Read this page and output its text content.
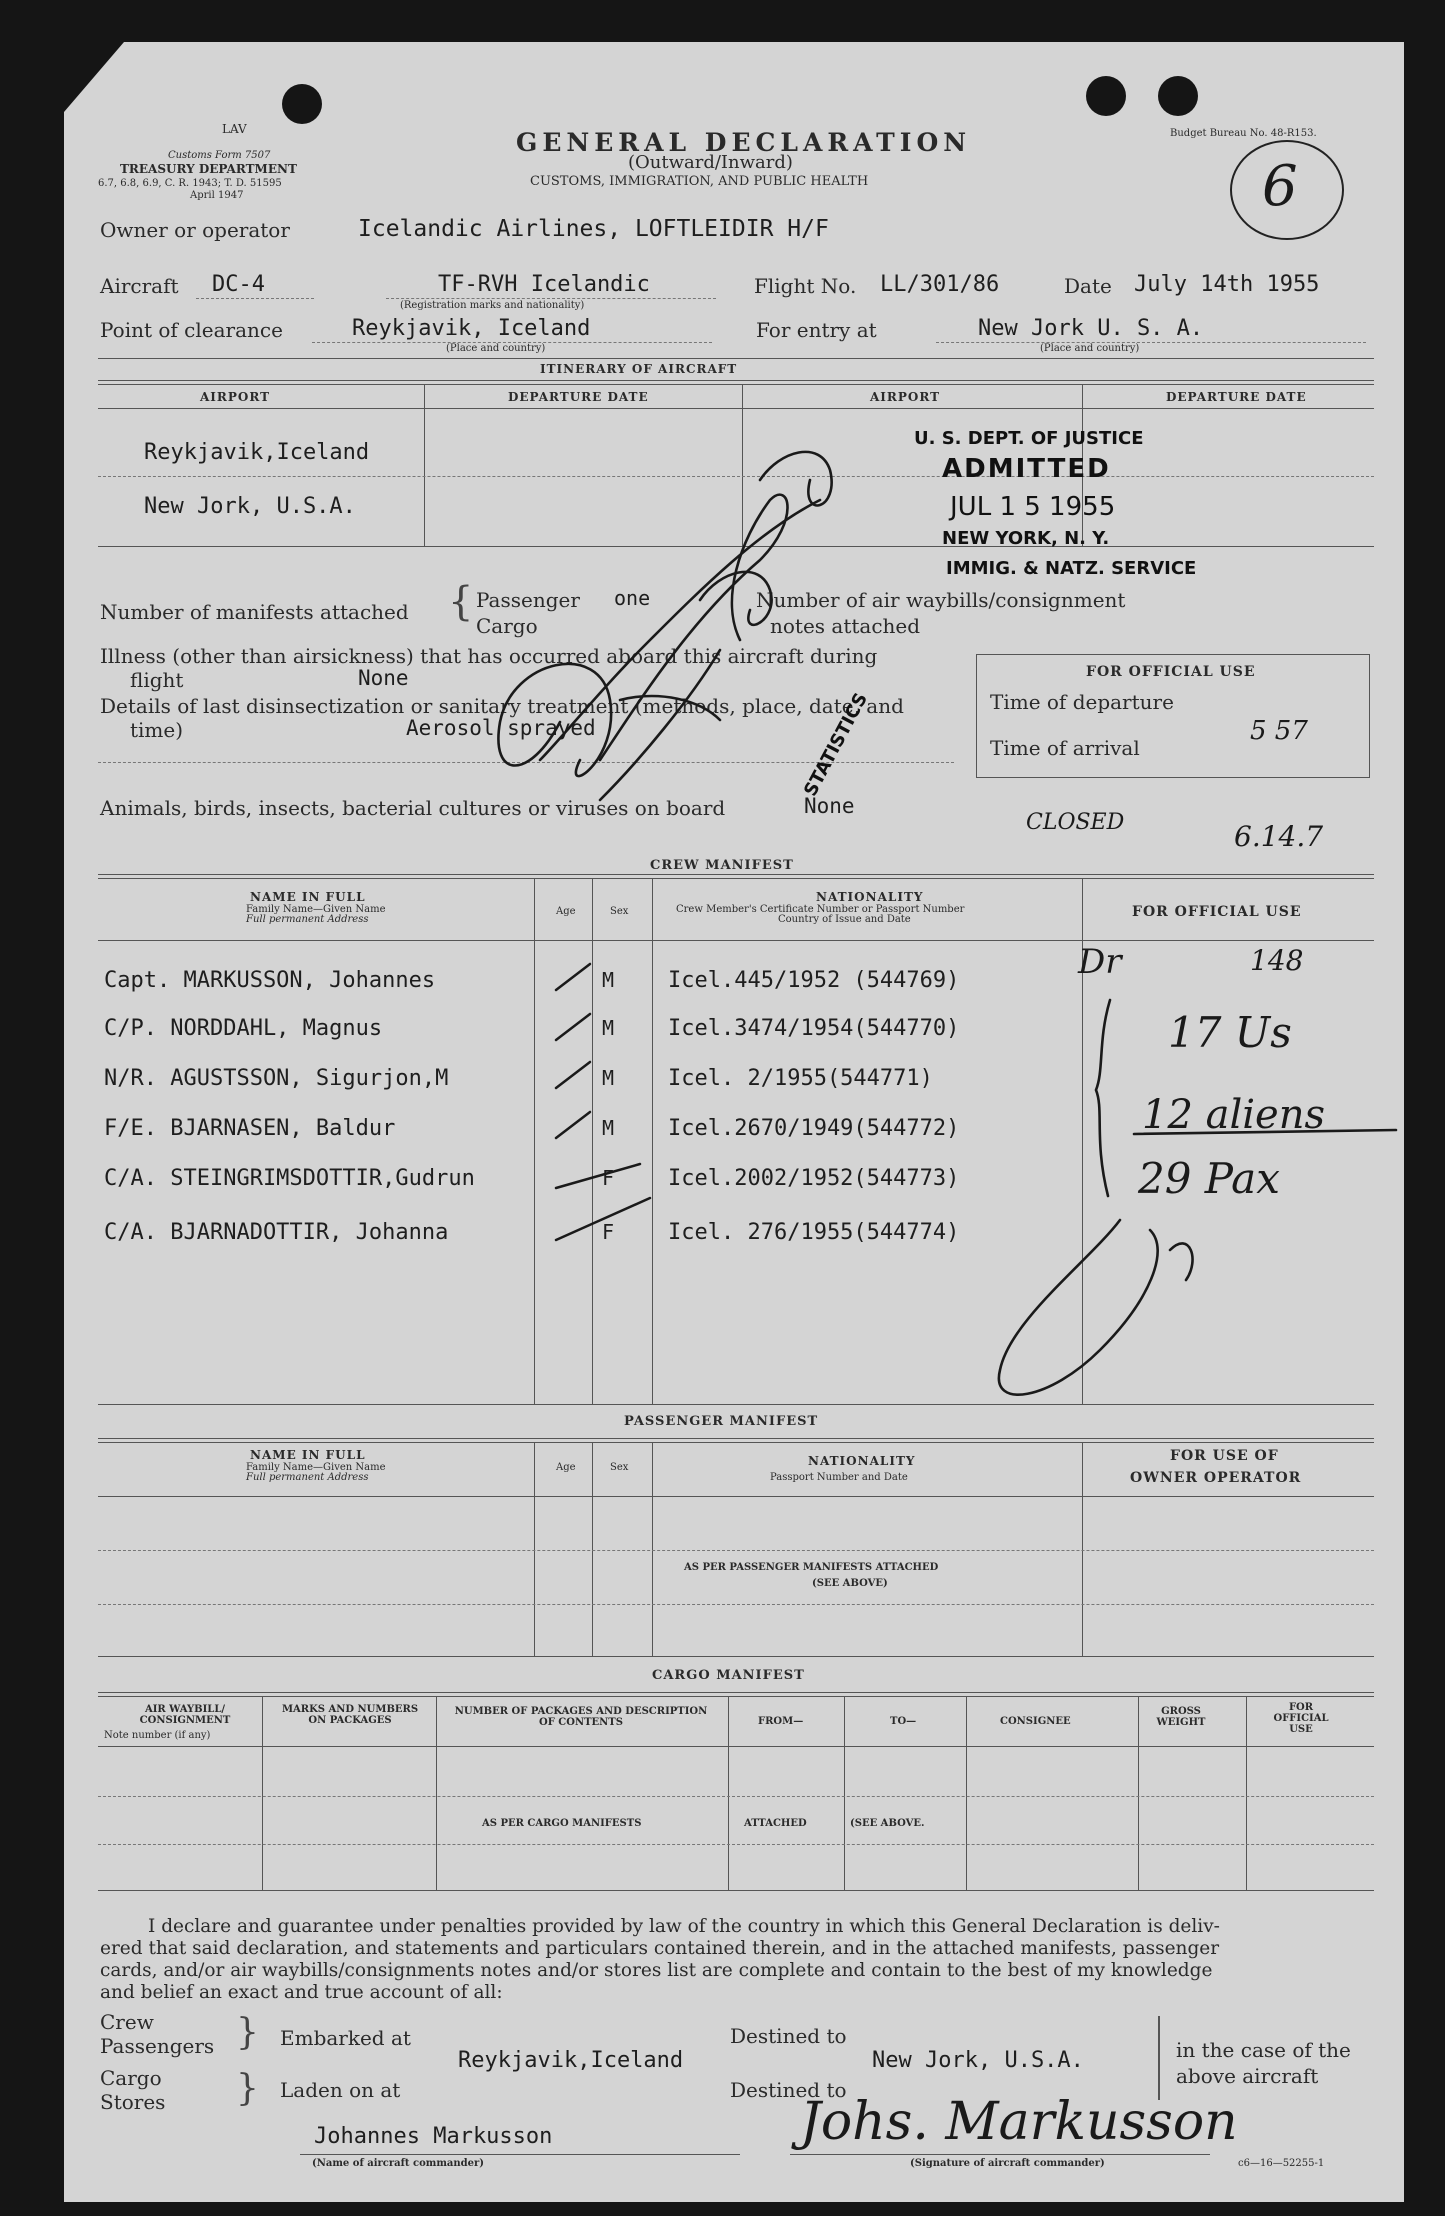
LAV
Customs Form 7507
TREASURY DEPARTMENT
6.7, 6.8, 6.9, C. R. 1943; T. D. 51595
April 1947
GENERAL DECLARATION
(Outward/Inward)
CUSTOMS, IMMIGRATION, AND PUBLIC HEALTH
Budget Bureau No. 48-R153.
6
Owner or operator	Icelandic Airlines, LOFTLEIDIR H/F
Aircraft DC-4	TF-RVH Icelandic
(Registration marks and nationality)
Flight No. LL/301/86	Date July 14th 1955
Point of clearance	Reykjavik, Iceland
(Place and country)
For entry at	New Jork U. S. A.
(Place and country)
ITINERARY OF AIRCRAFT
AIRPORT	DEPARTURE DATE	AIRPORT	DEPARTURE DATE
Reykjavik,Iceland
New Jork, U.S.A.
U. S. DEPT. OF JUSTICE
ADMITTED
JUL 1 5 1955
NEW YORK, N. Y.
IMMIG. & NATZ. SERVICE
Number of manifests attached { Passenger one
Cargo
Number of air waybills/consignment
notes attached
Illness (other than airsickness) that has occurred aboard this aircraft during
flight	None
Details of last disinsectization or sanitary treatment (methods, place, date, and
time)	Aerosol sprayed
FOR OFFICIAL USE
Time of departure
Time of arrival
5 57
Animals, birds, insects, bacterial cultures or viruses on board	None
CLOSED	6.14.7
STATISTICS
CREW MANIFEST
NAME IN FULL
Family Name—Given Name
Full permanent Address
Age	Sex
NATIONALITY
Crew Member's Certificate Number or Passport Number
Country of Issue and Date	FOR OFFICIAL USE
Capt. MARKUSSON, Johannes	M Icel.445/1952 (544769)
C/P. NORDDAHL, Magnus	M Icel.3474/1954(544770)
N/R. AGUSTSSON, Sigurjon,M	M Icel. 2/1955(544771)
F/E. BJARNASEN, Baldur	M Icel.2670/1949(544772)
C/A. STEINGRIMSDOTTIR,Gudrun	F Icel.2002/1952(544773)
C/A. BJARNADOTTIR, Johanna	F Icel. 276/1955(544774)
Dr	148
17 Us
12 aliens
29 Pax
PASSENGER MANIFEST
NAME IN FULL
Family Name—Given Name
Full permanent Address
Age	Sex	NATIONALITY
Passport Number and Date
FOR USE OF
OWNER OPERATOR
AS PER PASSENGER MANIFESTS ATTACHED
(SEE ABOVE)
CARGO MANIFEST
AIR WAYBILL/ CONSIGNMENT
Note number (if any)
MARKS AND NUMBERS ON PACKAGES
NUMBER OF PACKAGES AND DESCRIPTION OF CONTENTS	FROM—	TO—	CONSIGNEE
GROSS WEIGHT
FOR OFFICIAL USE
AS PER CARGO MANIFESTS	ATTACHED	(SEE ABOVE.
I declare and guarantee under penalties provided by law of the country in which this General Declaration is deliv-
ered that said declaration, and statements and particulars contained therein, and in the attached manifests, passenger
cards, and/or air waybills/consignments notes and/or stores list are complete and contain to the best of my knowledge
and belief an exact and true account of all:
Crew
Passengers
Cargo
Stores
}
}
Embarked at
Laden on at
Reykjavik,Iceland
Destined to
New Jork, U.S.A.
Destined to
in the case of the
above aircraft
Johannes Markusson
(Name of aircraft commander)
Johs. Markusson
(Signature of aircraft commander)	c6—16—52255-1
